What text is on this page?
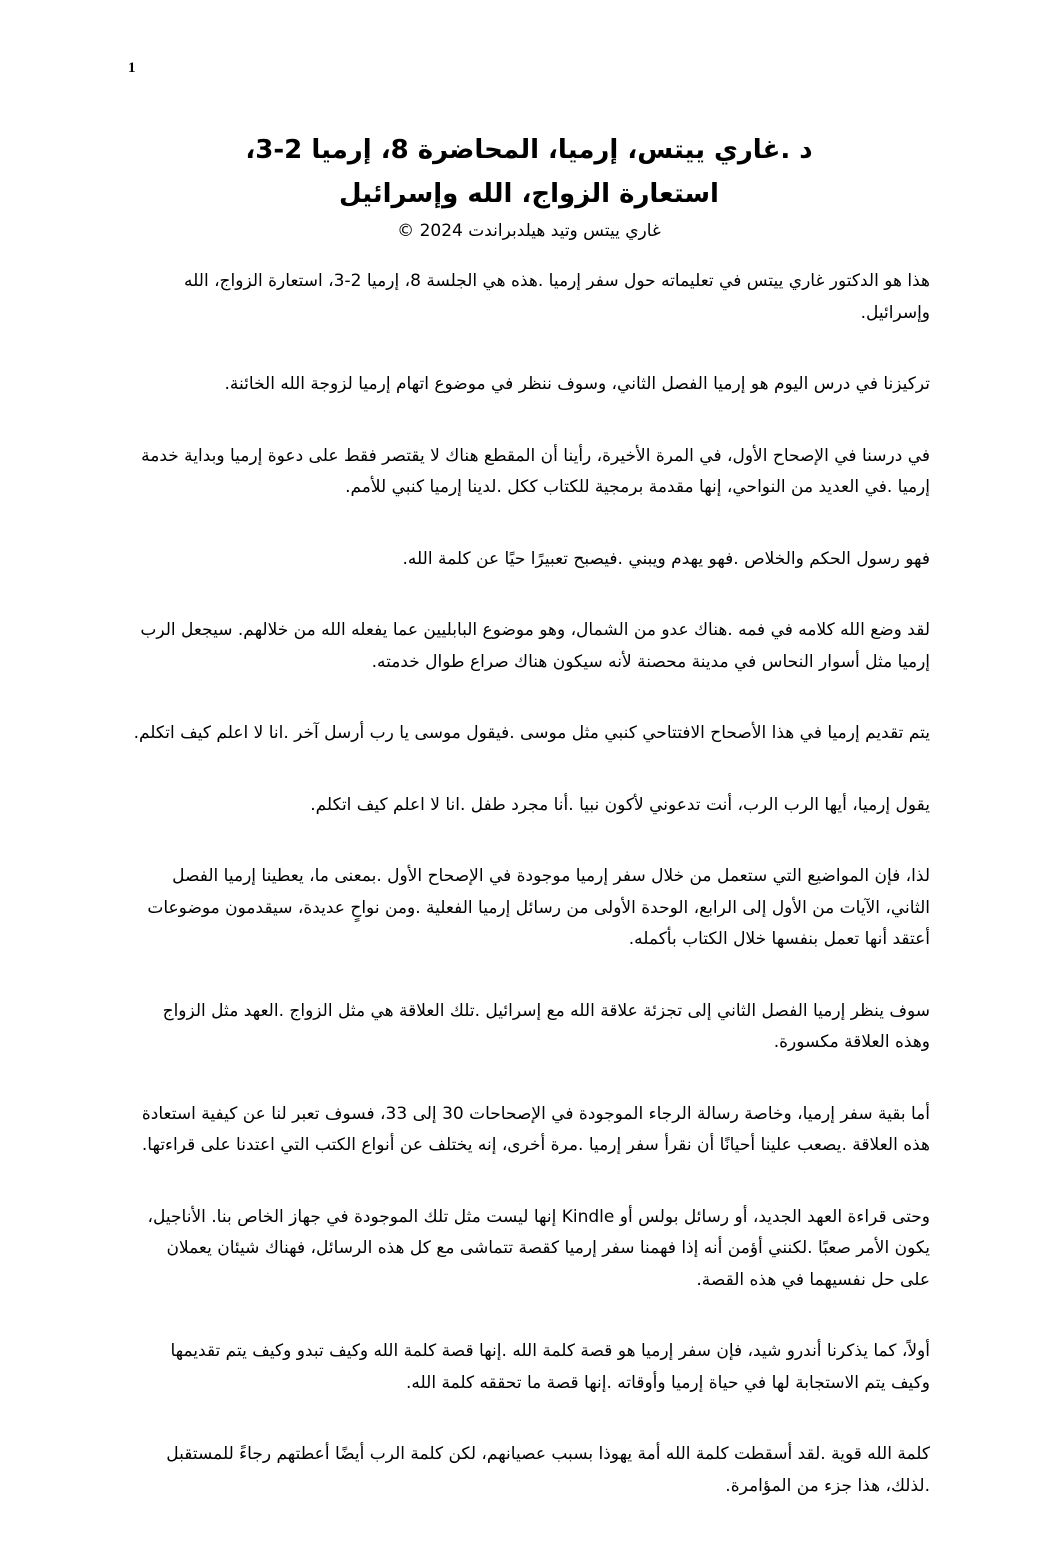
1
د .غاري ييتس، إرميا، المحاضرة 8، إرميا 2-3،
استعارة الزواج، الله وإسرائيل
غاري ييتس وتيد هيلدبراندت 2024 ©

هذا هو الدكتور غاري ييتس في تعليماته حول سفر إرميا .هذه هي الجلسة 8، إرميا 2-3، استعارة الزواج، الله وإسرائيل.

تركيزنا في درس اليوم هو إرميا الفصل الثاني، وسوف ننظر في موضوع اتهام إرميا لزوجة الله الخائنة.

في درسنا في الإصحاح الأول، في المرة الأخيرة، رأينا أن المقطع هناك لا يقتصر فقط على دعوة إرميا وبداية خدمة إرميا .في العديد من النواحي، إنها مقدمة برمجية للكتاب ككل .لدينا إرميا كنبي للأمم.

فهو رسول الحكم والخلاص .فهو يهدم ويبني .فيصبح تعبيرًا حيًا عن كلمة الله.

لقد وضع الله كلامه في فمه .هناك عدو من الشمال، وهو موضوع البابليين عما يفعله الله من خلالهم. سيجعل الرب إرميا مثل أسوار النحاس في مدينة محصنة لأنه سيكون هناك صراع طوال خدمته.

يتم تقديم إرميا في هذا الأصحاح الافتتاحي كنبي مثل موسى .فيقول موسى يا رب أرسل آخر .انا لا اعلم كيف اتكلم.

يقول إرميا، أيها الرب الرب، أنت تدعوني لأكون نبيا .أنا مجرد طفل .انا لا اعلم كيف اتكلم.

لذا، فإن المواضيع التي ستعمل من خلال سفر إرميا موجودة في الإصحاح الأول .بمعنى ما، يعطينا إرميا الفصل الثاني، الآيات من الأول إلى الرابع، الوحدة الأولى من رسائل إرميا الفعلية .ومن نواحٍ عديدة، سيقدمون موضوعات أعتقد أنها تعمل بنفسها خلال الكتاب بأكمله.

سوف ينظر إرميا الفصل الثاني إلى تجزئة علاقة الله مع إسرائيل .تلك العلاقة هي مثل الزواج .العهد مثل الزواج وهذه العلاقة مكسورة.

أما بقية سفر إرميا، وخاصة رسالة الرجاء الموجودة في الإصحاحات 30 إلى 33، فسوف تعبر لنا عن كيفية استعادة هذه العلاقة .يصعب علينا أحيانًا أن نقرأ سفر إرميا .مرة أخرى، إنه يختلف عن أنواع الكتب التي اعتدنا على قراءتها.

وحتى قراءة العهد الجديد، أو رسائل بولس أو Kindle إنها ليست مثل تلك الموجودة في جهاز الخاص بنا. الأناجيل، يكون الأمر صعبًا .لكنني أؤمن أنه إذا فهمنا سفر إرميا كقصة تتماشى مع كل هذه الرسائل، فهناك شيئان يعملان على حل نفسيهما في هذه القصة.

أولاً، كما يذكرنا أندرو شيد، فإن سفر إرميا هو قصة كلمة الله .إنها قصة كلمة الله وكيف تبدو وكيف يتم تقديمها وكيف يتم الاستجابة لها في حياة إرميا وأوقاته .إنها قصة ما تحققه كلمة الله.

كلمة الله قوية .لقد أسقطت كلمة الله أمة يهوذا بسبب عصيانهم، لكن كلمة الرب أيضًا أعطتهم رجاءً للمستقبل .لذلك، هذا جزء من المؤامرة.
